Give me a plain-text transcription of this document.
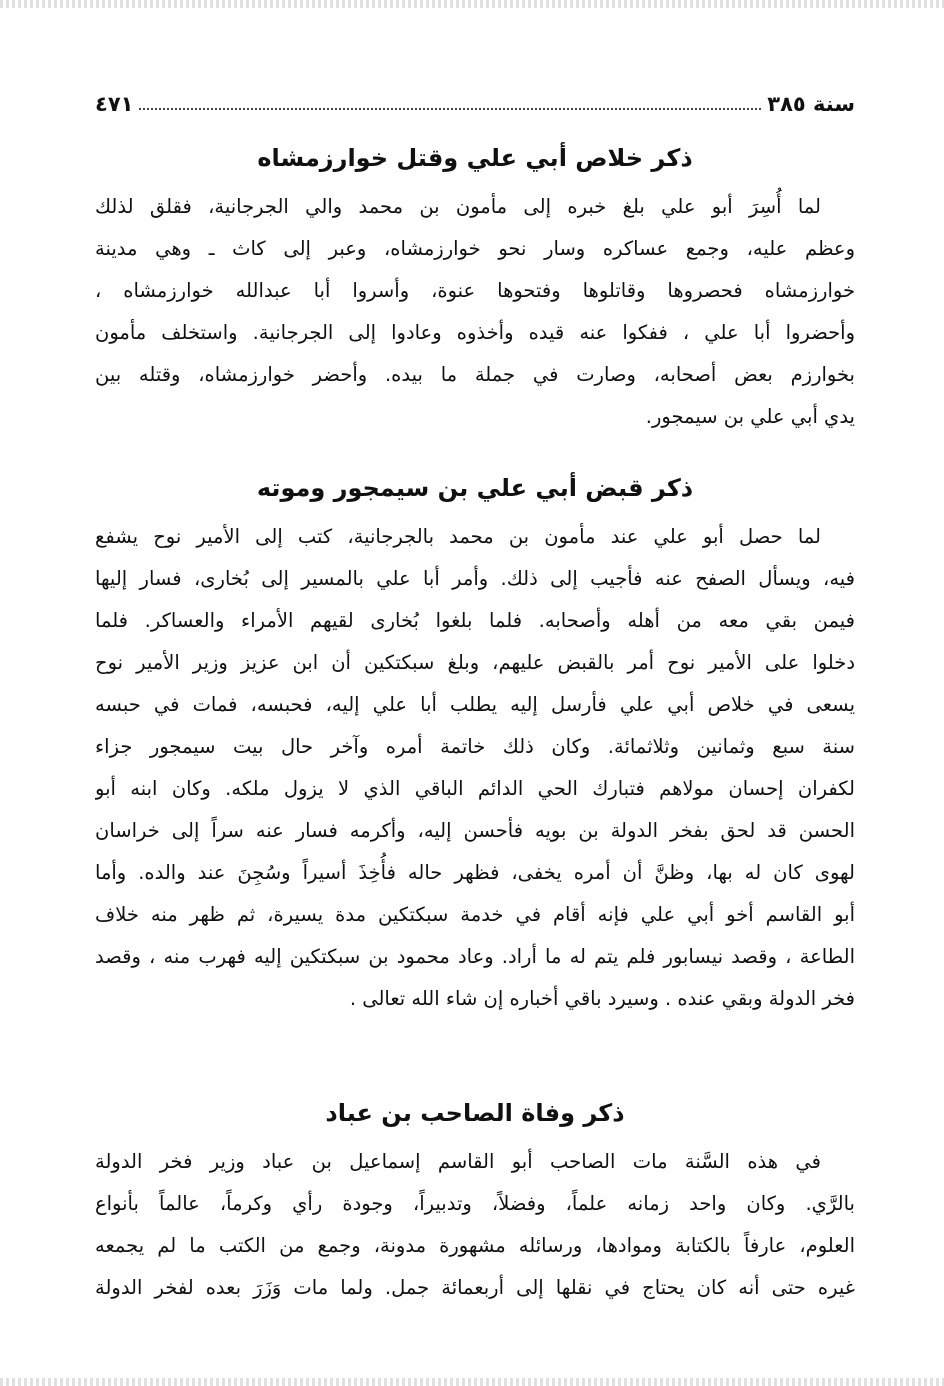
سنة ٣٨٥
٤٧١
ذكر خلاص أبي علي وقتل خوارزمشاه
لما أُسِرَ أبو علي بلغ خبره إلى مأمون بن محمد والي الجرجانية، فقلق لذلك
وعظم عليه، وجمع عساكره وسار نحو خوارزمشاه، وعبر إلى كاث ـ وهي مدينة
خوارزمشاه فحصروها وقاتلوها وفتحوها عنوة، وأسروا أبا عبدالله خوارزمشاه ،
وأحضروا أبا علي ، ففكوا عنه قيده وأخذوه وعادوا إلى الجرجانية. واستخلف مأمون
بخوارزم بعض أصحابه، وصارت في جملة ما بيده. وأحضر خوارزمشاه، وقتله بين
يدي أبي علي بن سيمجور.
ذكر قبض أبي علي بن سيمجور وموته
لما حصل أبو علي عند مأمون بن محمد بالجرجانية، كتب إلى الأمير نوح يشفع
فيه، ويسأل الصفح عنه فأجيب إلى ذلك. وأمر أبا علي بالمسير إلى بُخارى، فسار إليها
فيمن بقي معه من أهله وأصحابه. فلما بلغوا بُخارى لقيهم الأمراء والعساكر. فلما
دخلوا على الأمير نوح أمر بالقبض عليهم، وبلغ سبكتكين أن ابن عزيز وزير الأمير نوح
يسعى في خلاص أبي علي فأرسل إليه يطلب أبا علي إليه، فحبسه، فمات في حبسه
سنة سبع وثمانين وثلاثمائة. وكان ذلك خاتمة أمره وآخر حال بيت سيمجور جزاء
لكفران إحسان مولاهم فتبارك الحي الدائم الباقي الذي لا يزول ملكه. وكان ابنه أبو
الحسن قد لحق بفخر الدولة بن بويه فأحسن إليه، وأكرمه فسار عنه سراً إلى خراسان
لهوى كان له بها، وظنَّ أن أمره يخفى، فظهر حاله فأُخِذَ أسيراً وسُجِنَ عند والده. وأما
أبو القاسم أخو أبي علي فإنه أقام في خدمة سبكتكين مدة يسيرة، ثم ظهر منه خلاف
الطاعة ، وقصد نيسابور فلم يتم له ما أراد. وعاد محمود بن سبكتكين إليه فهرب منه ، وقصد
فخر الدولة وبقي عنده . وسيرد باقي أخباره إن شاء الله تعالى .
ذكر وفاة الصاحب بن عباد
في هذه السَّنة مات الصاحب أبو القاسم إسماعيل بن عباد وزير فخر الدولة
بالرَّي. وكان واحد زمانه علماً، وفضلاً، وتدبيراً، وجودة رأي وكرماً، عالماً بأنواع
العلوم، عارفاً بالكتابة وموادها، ورسائله مشهورة مدونة، وجمع من الكتب ما لم يجمعه
غيره حتى أنه كان يحتاج في نقلها إلى أربعمائة جمل. ولما مات وَزَرَ بعده لفخر الدولة
